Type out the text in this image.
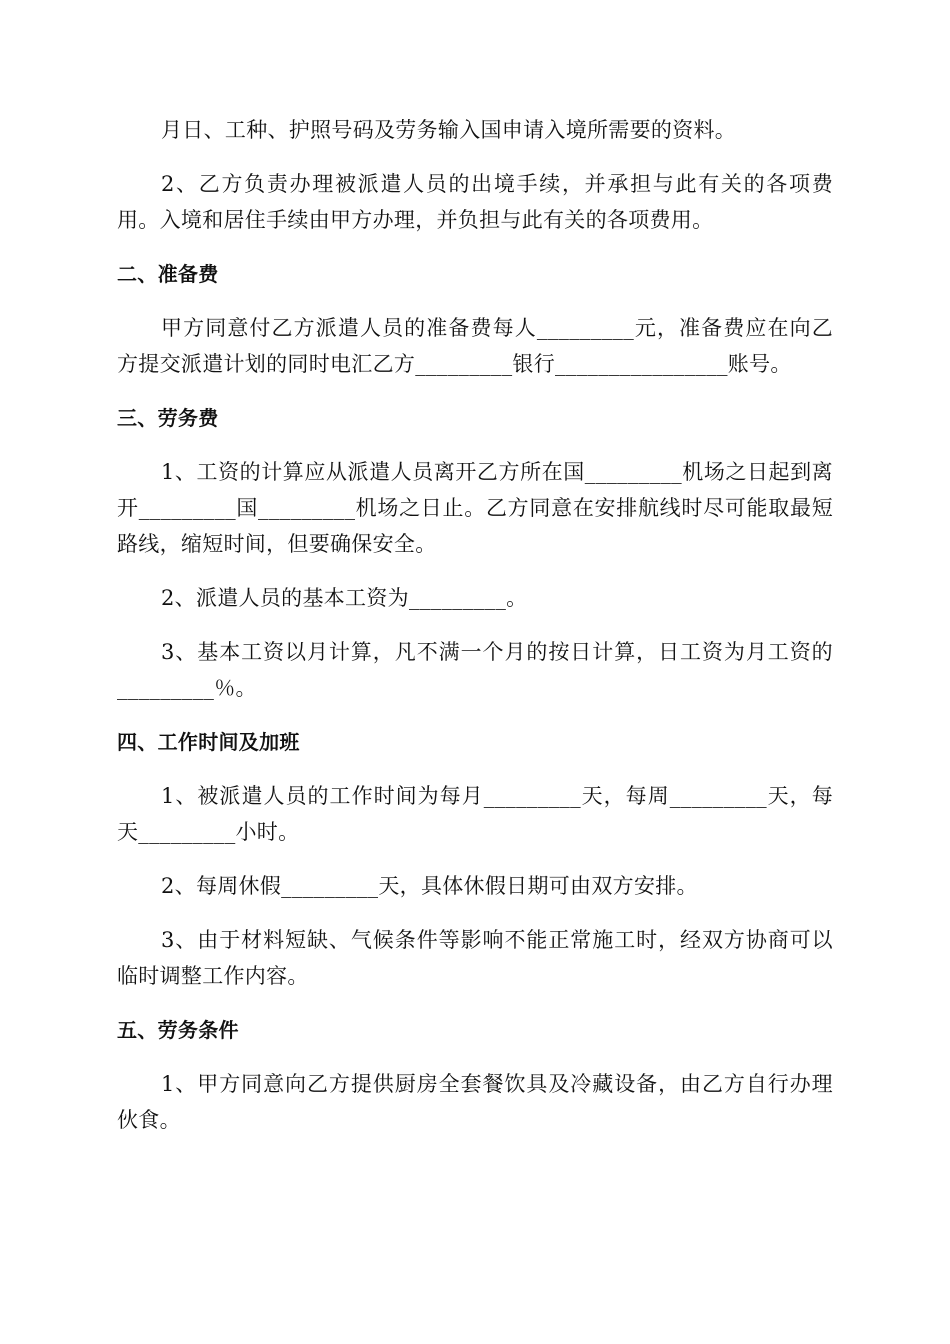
月日、工种、护照号码及劳务输入国申请入境所需要的资料。

2、乙方负责办理被派遣人员的出境手续，并承担与此有关的各项费用。入境和居住手续由甲方办理，并负担与此有关的各项费用。

二、准备费

甲方同意付乙方派遣人员的准备费每人_________元，准备费应在向乙方提交派遣计划的同时电汇乙方_________银行________________账号。

三、劳务费

1、工资的计算应从派遣人员离开乙方所在国_________机场之日起到离开_________国_________机场之日止。乙方同意在安排航线时尽可能取最短路线，缩短时间，但要确保安全。

2、派遣人员的基本工资为_________。

3、基本工资以月计算，凡不满一个月的按日计算，日工资为月工资的_________％。

四、工作时间及加班

1、被派遣人员的工作时间为每月_________天，每周_________天，每天_________小时。

2、每周休假_________天，具体休假日期可由双方安排。

3、由于材料短缺、气候条件等影响不能正常施工时，经双方协商可以临时调整工作内容。

五、劳务条件

1、甲方同意向乙方提供厨房全套餐饮具及冷藏设备，由乙方自行办理伙食。
